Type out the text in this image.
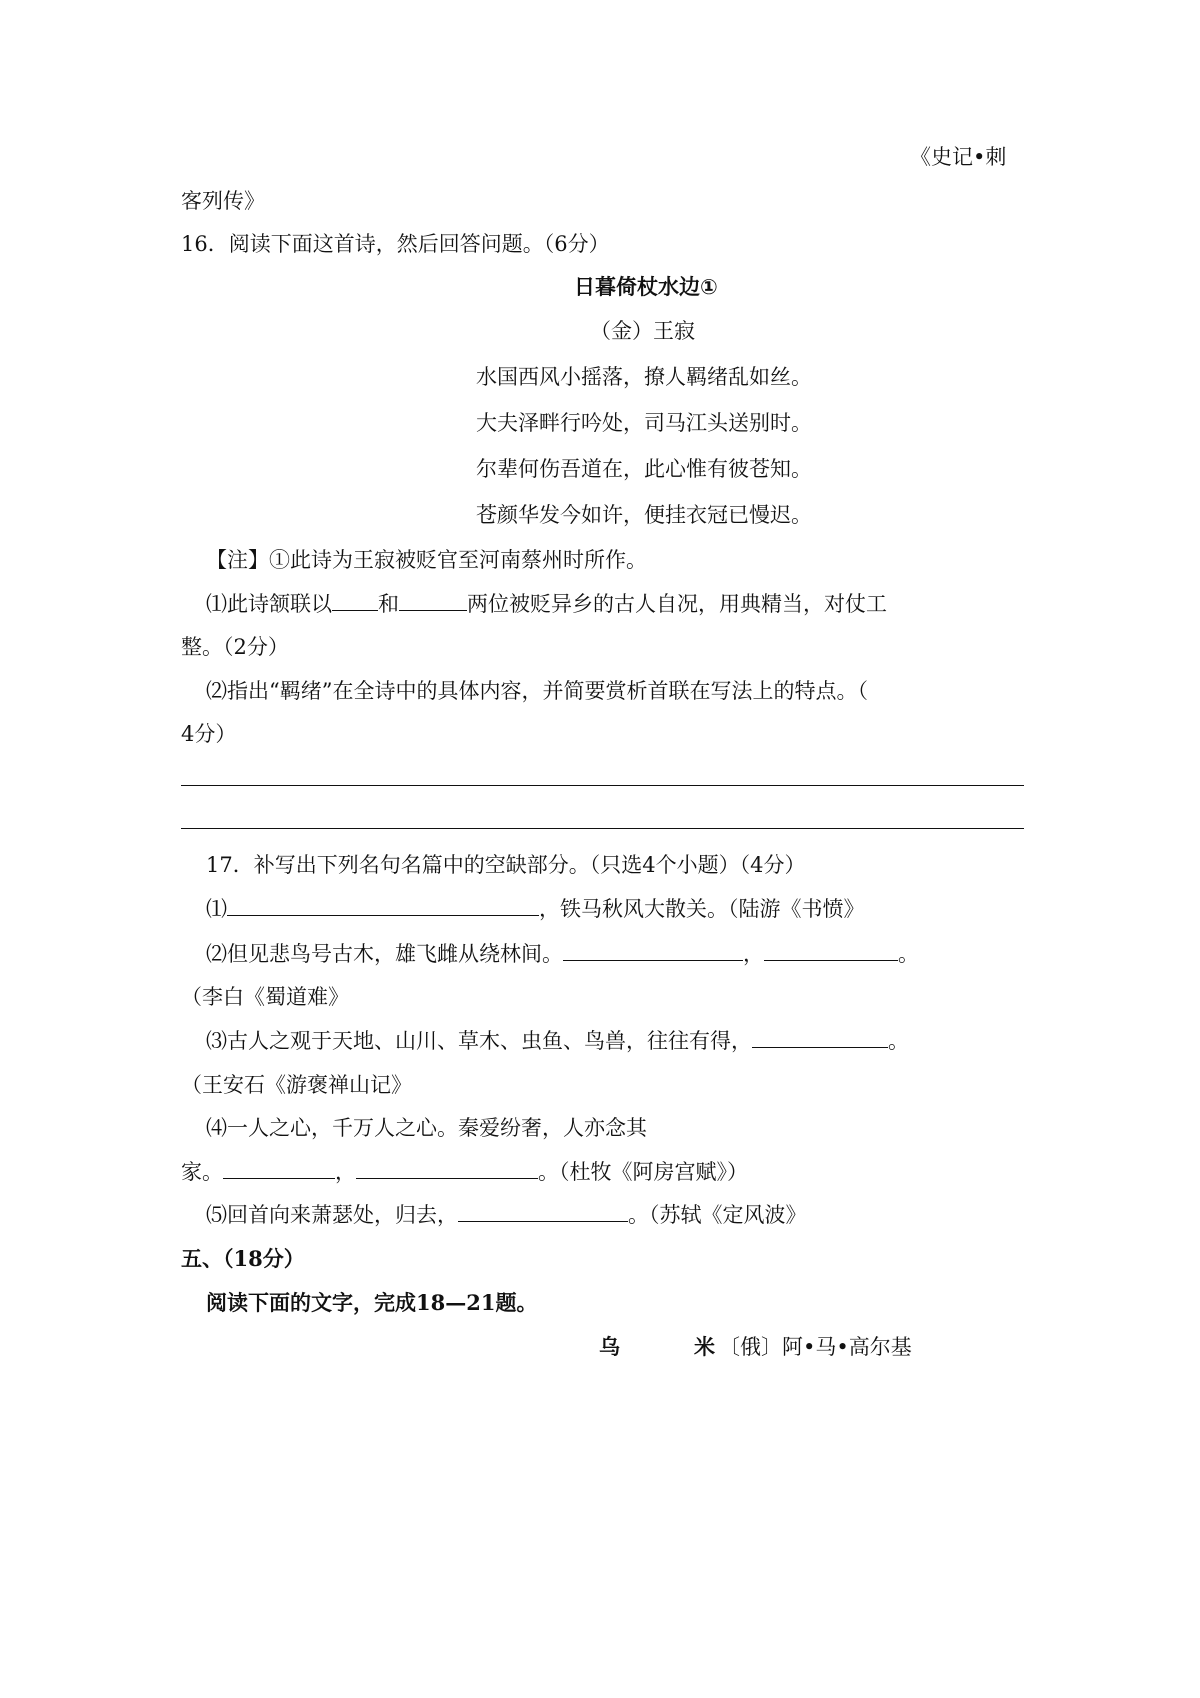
《史记•刺
客列传》
16．阅读下面这首诗，然后回答问题。（6分）
日暮倚杖水边①
（金）王寂
水国西风小摇落，撩人羁绪乱如丝。
大夫泽畔行吟处，司马江头送别时。
尔辈何伤吾道在，此心惟有彼苍知。
苍颜华发今如许，便挂衣冠已慢迟。
【注】①此诗为王寂被贬官至河南蔡州时所作。
⑴此诗颔联以 和	两位被贬异乡的古人自况，用典精当，对仗工
整。（2分）
⑵指出“羁绪”在全诗中的具体内容，并简要赏析首联在写法上的特点。（
4分）
17．补写出下列名句名篇中的空缺部分。（只选4个小题）（4分）
⑴	，铁马秋风大散关。（陆游《书愤》
⑵但见悲鸟号古木，雄飞雌从绕林间。	，	。
（李白《蜀道难》
⑶古人之观于天地、山川、草木、虫鱼、鸟兽，往往有得，	。
（王安石《游褒禅山记》
⑷一人之心，千万人之心。秦爱纷奢，人亦念其
家。	，	。（杜牧《阿房宫赋》）
⑸回首向来萧瑟处，归去，	。（苏轼《定风波》
五、（18分）
阅读下面的文字，完成18—21题。
乌	米 〔俄〕阿•马•高尔基
